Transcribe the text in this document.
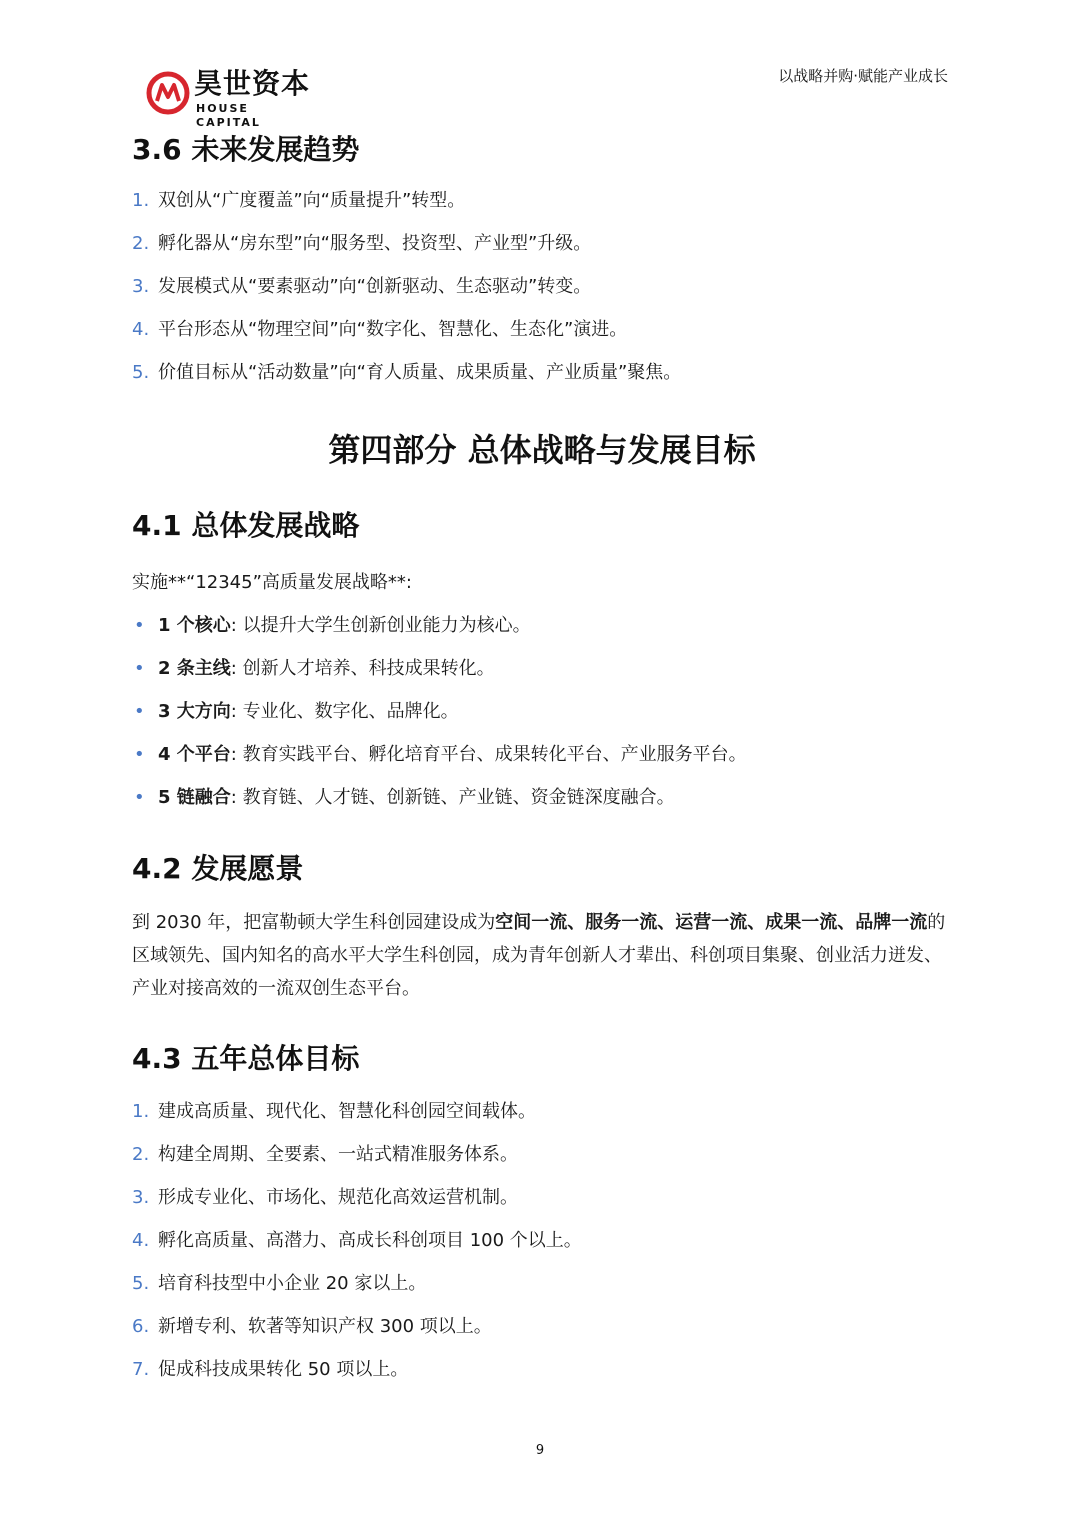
昊世资本
HOUSE CAPITAL
以战略并购·赋能产业成长
3.6 未来发展趋势
1. 双创从“广度覆盖”向“质量提升”转型。
2. 孵化器从“房东型”向“服务型、投资型、产业型”升级。
3. 发展模式从“要素驱动”向“创新驱动、生态驱动”转变。
4. 平台形态从“物理空间”向“数字化、智慧化、生态化”演进。
5. 价值目标从“活动数量”向“育人质量、成果质量、产业质量”聚焦。
第四部分 总体战略与发展目标
4.1 总体发展战略

实施**“12345”高质量发展战略**:

• 1 个核心: 以提升大学生创新创业能力为核心。
• 2 条主线: 创新人才培养、科技成果转化。
• 3 大方向: 专业化、数字化、品牌化。
• 4 个平台: 教育实践平台、孵化培育平台、成果转化平台、产业服务平台。
• 5 链融合: 教育链、人才链、创新链、产业链、资金链深度融合。
4.2 发展愿景

到 2030 年，把富勒顿大学生科创园建设成为空间一流、服务一流、运营一流、成果一流、品牌一流的区域领先、国内知名的高水平大学生科创园，成为青年创新人才辈出、科创项目集聚、创业活力迸发、产业对接高效的一流双创生态平台。

4.3 五年总体目标
1. 建成高质量、现代化、智慧化科创园空间载体。
2. 构建全周期、全要素、一站式精准服务体系。
3. 形成专业化、市场化、规范化高效运营机制。
4. 孵化高质量、高潜力、高成长科创项目 100 个以上。
5. 培育科技型中小企业 20 家以上。
6. 新增专利、软著等知识产权 300 项以上。
7. 促成科技成果转化 50 项以上。
9
